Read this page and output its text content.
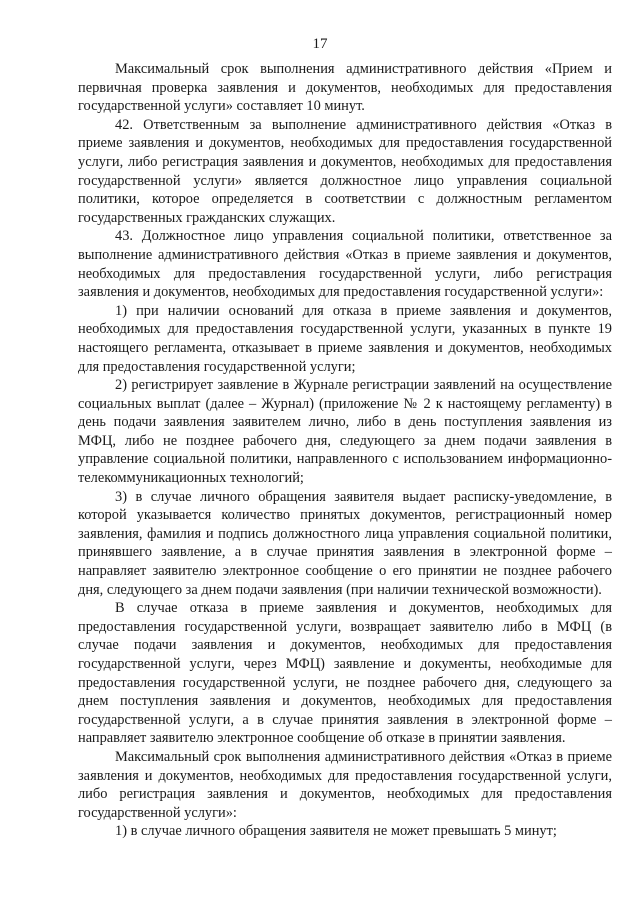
17

Максимальный срок выполнения административного действия «Прием и первичная проверка заявления и документов, необходимых для предоставления государственной услуги» составляет 10 минут.

42. Ответственным за выполнение административного действия «Отказ в приеме заявления и документов, необходимых для предоставления государственной услуги, либо регистрация заявления и документов, необходимых для предоставления государственной услуги» является должностное лицо управления социальной политики, которое определяется в соответствии с должностным регламентом государственных гражданских служащих.

43. Должностное лицо управления социальной политики, ответственное за выполнение административного действия «Отказ в приеме заявления и документов, необходимых для предоставления государственной услуги, либо регистрация заявления и документов, необходимых для предоставления государственной услуги»:

1) при наличии оснований для отказа в приеме заявления и документов, необходимых для предоставления государственной услуги, указанных в пункте 19 настоящего регламента, отказывает в приеме заявления и документов, необходимых для предоставления государственной услуги;

2) регистрирует заявление в Журнале регистрации заявлений на осуществление социальных выплат (далее – Журнал) (приложение № 2 к настоящему регламенту) в день подачи заявления заявителем лично, либо в день поступления заявления из МФЦ, либо не позднее рабочего дня, следующего за днем подачи заявления в управление социальной политики, направленного с использованием информационно-телекоммуникационных технологий;

3) в случае личного обращения заявителя выдает расписку-уведомление, в которой указывается количество принятых документов, регистрационный номер заявления, фамилия и подпись должностного лица управления социальной политики, принявшего заявление, а в случае принятия заявления в электронной форме – направляет заявителю электронное сообщение о его принятии не позднее рабочего дня, следующего за днем подачи заявления (при наличии технической возможности).

В случае отказа в приеме заявления и документов, необходимых для предоставления государственной услуги, возвращает заявителю либо в МФЦ (в случае подачи заявления и документов, необходимых для предоставления государственной услуги, через МФЦ) заявление и документы, необходимые для предоставления государственной услуги, не позднее рабочего дня, следующего за днем поступления заявления и документов, необходимых для предоставления государственной услуги, а в случае принятия заявления в электронной форме – направляет заявителю электронное сообщение об отказе в принятии заявления.

Максимальный срок выполнения административного действия «Отказ в приеме заявления и документов, необходимых для предоставления государственной услуги, либо регистрация заявления и документов, необходимых для предоставления государственной услуги»:

1) в случае личного обращения заявителя не может превышать 5 минут;
